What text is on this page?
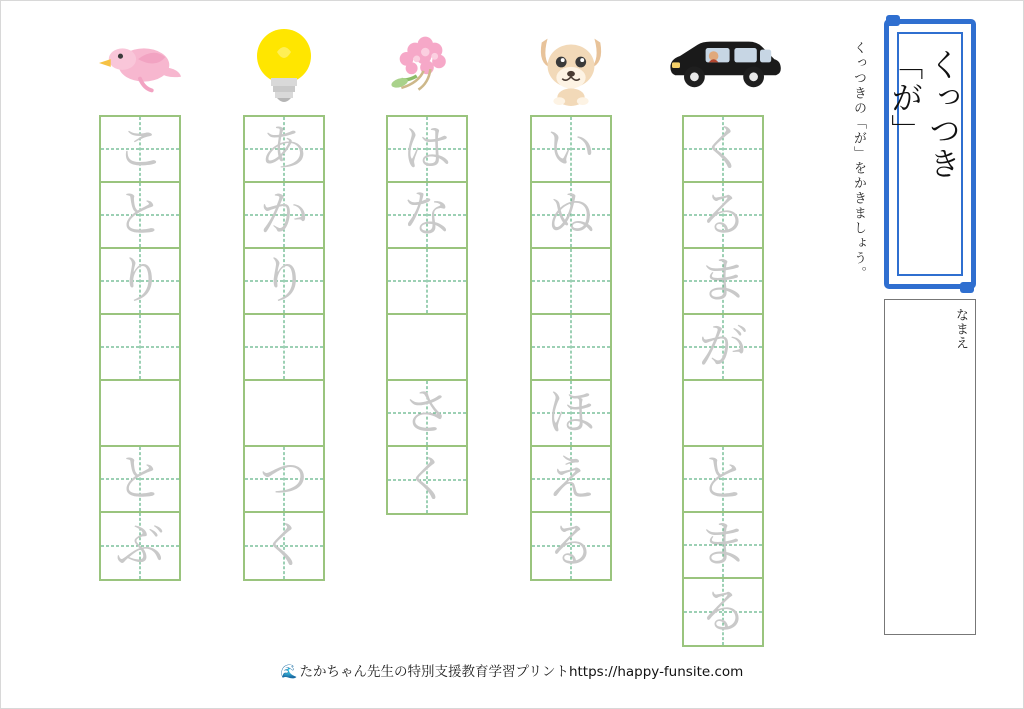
こ
と
り
と
ぶ
あ
か
り
つ
く
は
な
さ
く
い
ぬ
ほ
え
る
く
る
ま
が
と
ま
る
くっつきの「が」をかきましょう。	くっつき「が」
なまえ
🌊 たかちゃん先生の特別支援教育学習プリントhttps://happy-funsite.com
